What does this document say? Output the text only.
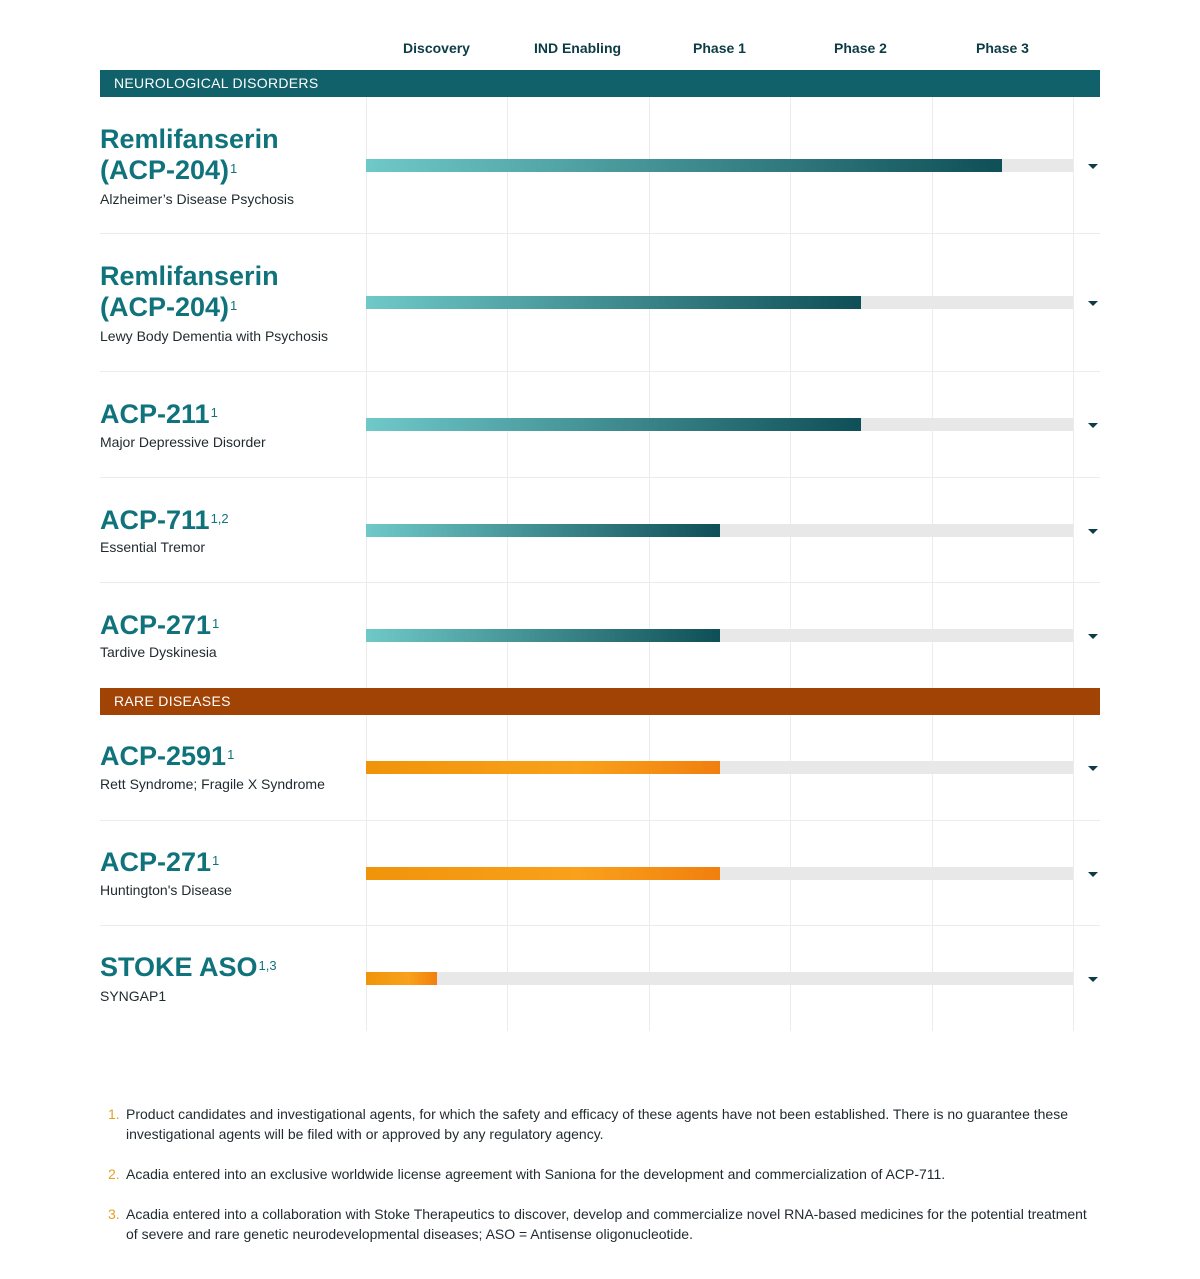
Discovery	IND Enabling	Phase 1	Phase 2	Phase 3
NEUROLOGICAL DISORDERS
Remlifanserin
$(ACP-204)^1$
Alzheimer’s Disease Psychosis
Remlifanserin
$(ACP-204)^1$
Lewy Body Dementia with Psychosis
ACP-$211^1$
Major Depressive Disorder
ACP-711$^{1,2}$
Essential Tremor
ACP-$271^1$
Tardive Dyskinesia
RARE DISEASES
ACP-2591$^1$
Rett Syndrome; Fragile X Syndrome
ACP-$271^1$
Huntington's Disease
STOKE ASO$^{1,3}$
SYNGAP1
1. Product candidates and investigational agents, for which the safety and efficacy of these agents have not been established. There is no guarantee these investigational agents will be filed with or approved by any regulatory agency.
2. Acadia entered into an exclusive worldwide license agreement with Saniona for the development and commercialization of ACP-711.
3. Acadia entered into a collaboration with Stoke Therapeutics to discover, develop and commercialize novel RNA-based medicines for the potential treatment of severe and rare genetic neurodevelopmental diseases; ASO = Antisense oligonucleotide.
